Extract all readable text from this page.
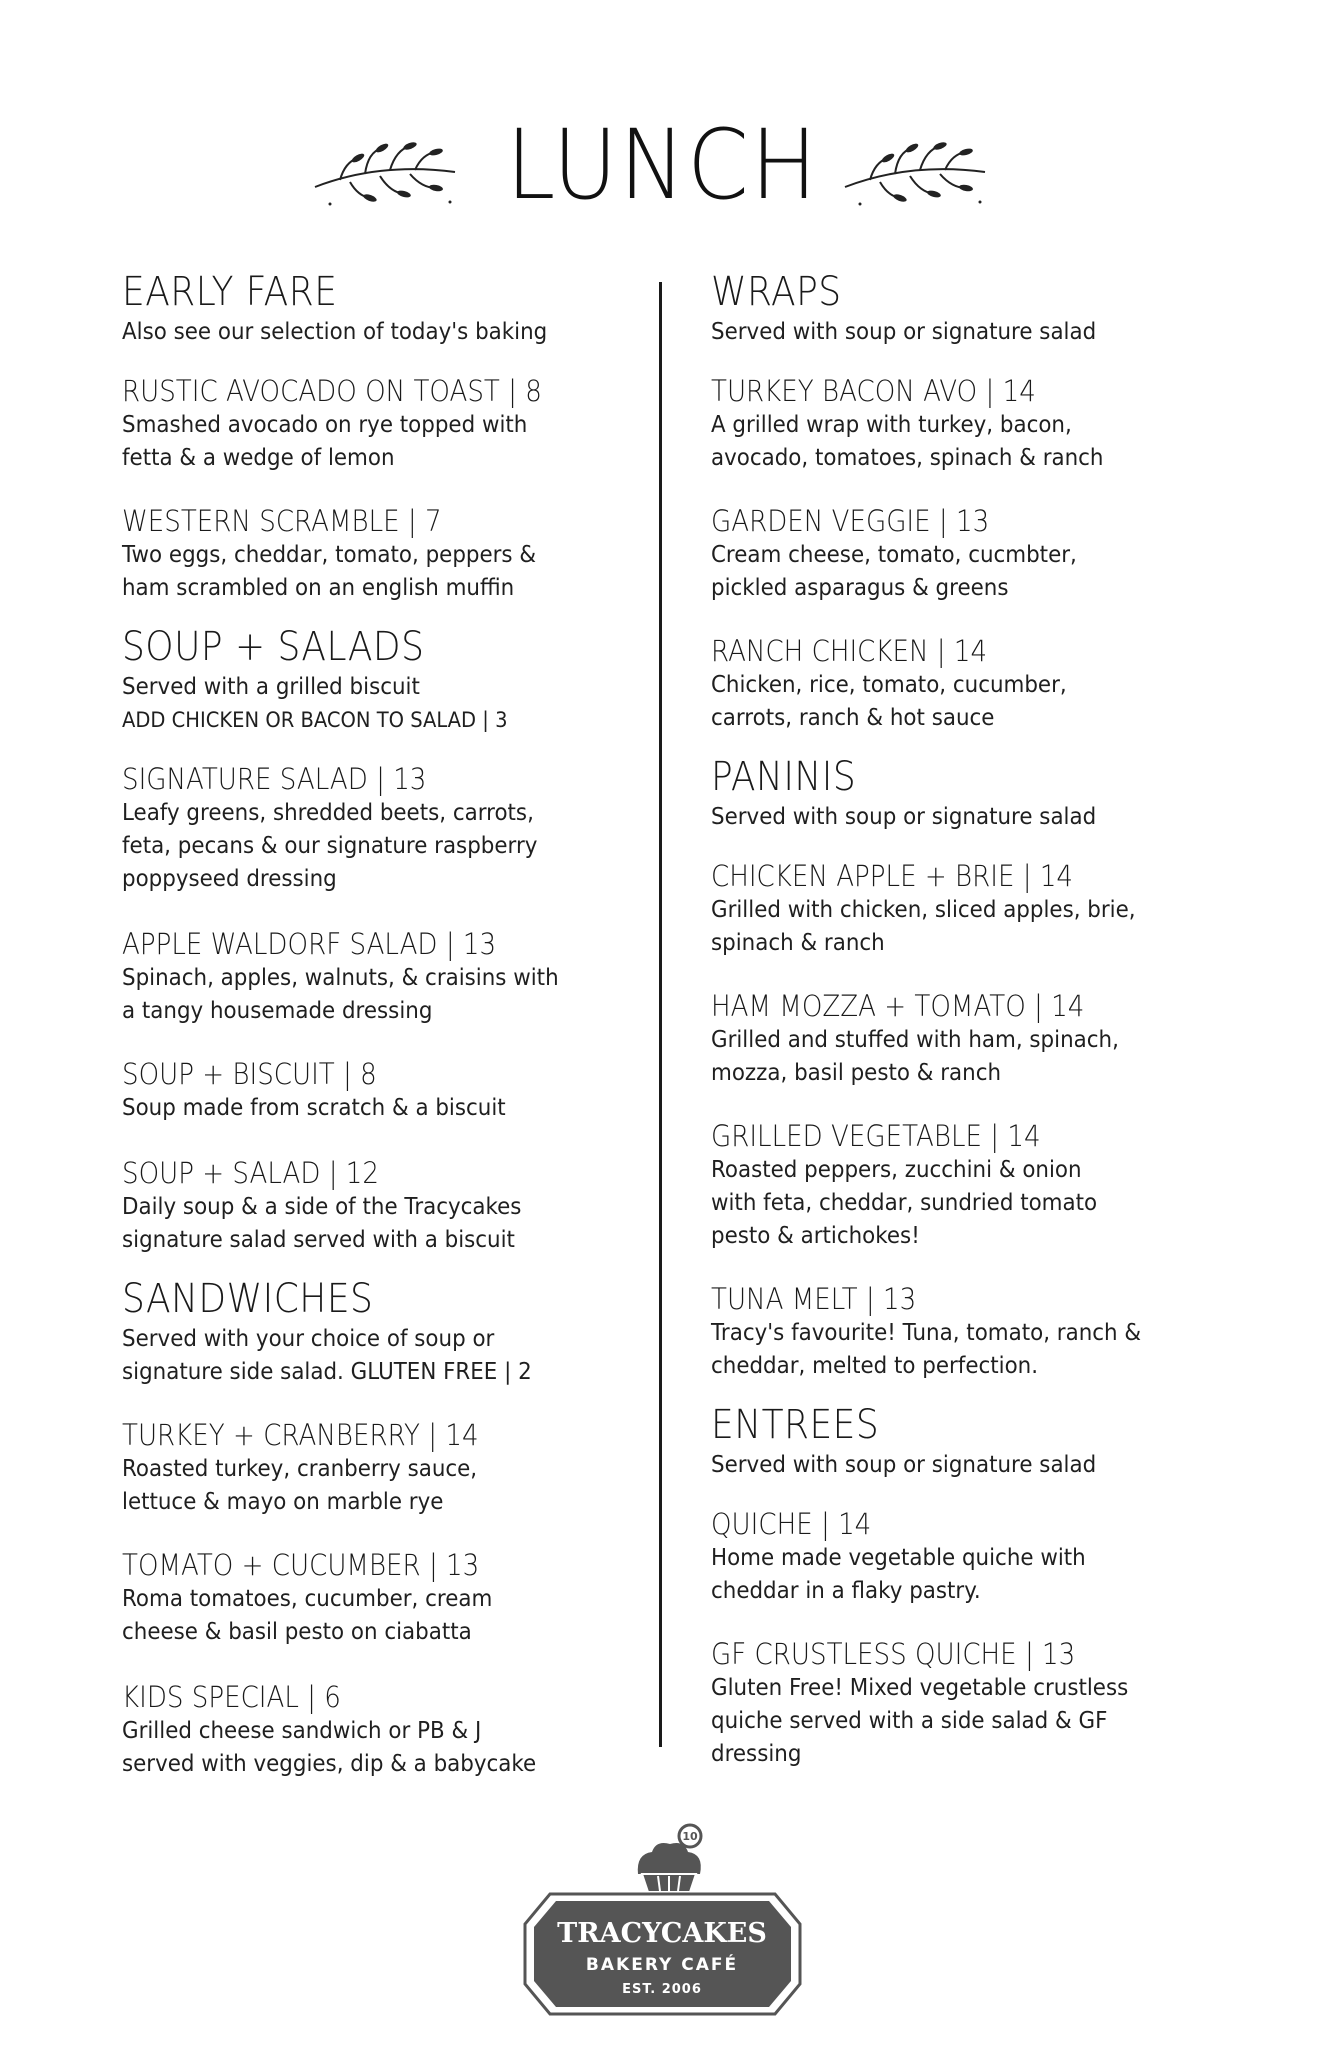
LUNCH
EARLY FARE
Also see our selection of today's baking
RUSTIC AVOCADO ON TOAST | 8
Smashed avocado on rye topped with
fetta & a wedge of lemon
WESTERN SCRAMBLE | 7
Two eggs, cheddar, tomato, peppers &
ham scrambled on an english muffin
SOUP + SALADS
Served with a grilled biscuit
ADD CHICKEN OR BACON TO SALAD | 3
SIGNATURE SALAD | 13
Leafy greens, shredded beets, carrots,
feta, pecans & our signature raspberry
poppyseed dressing
APPLE WALDORF SALAD | 13
Spinach, apples, walnuts, & craisins with
a tangy housemade dressing
SOUP + BISCUIT | 8
Soup made from scratch & a biscuit
SOUP + SALAD | 12
Daily soup & a side of the Tracycakes
signature salad served with a biscuit
SANDWICHES
Served with your choice of soup or
signature side salad. GLUTEN FREE | 2
TURKEY + CRANBERRY | 14
Roasted turkey, cranberry sauce,
lettuce & mayo on marble rye
TOMATO + CUCUMBER | 13
Roma tomatoes, cucumber, cream
cheese & basil pesto on ciabatta
KIDS SPECIAL | 6
Grilled cheese sandwich or PB & J
served with veggies, dip & a babycake
WRAPS
Served with soup or signature salad
TURKEY BACON AVO | 14
A grilled wrap with turkey, bacon,
avocado, tomatoes, spinach & ranch
GARDEN VEGGIE | 13
Cream cheese, tomato, cucmbter,
pickled asparagus & greens
RANCH CHICKEN | 14
Chicken, rice, tomato, cucumber,
carrots, ranch & hot sauce
PANINIS
Served with soup or signature salad
CHICKEN APPLE + BRIE | 14
Grilled with chicken, sliced apples, brie,
spinach & ranch
HAM MOZZA + TOMATO | 14
Grilled and stuffed with ham, spinach,
mozza, basil pesto & ranch
GRILLED VEGETABLE | 14
Roasted peppers, zucchini & onion
with feta, cheddar, sundried tomato
pesto & artichokes!
TUNA MELT | 13
Tracy's favourite! Tuna, tomato, ranch &
cheddar, melted to perfection.
ENTREES
Served with soup or signature salad
QUICHE | 14
Home made vegetable quiche with
cheddar in a flaky pastry.
GF CRUSTLESS QUICHE | 13
Gluten Free! Mixed vegetable crustless
quiche served with a side salad & GF
dressing
10
TRACYCAKES
BAKERY CAFÉ
EST. 2006
